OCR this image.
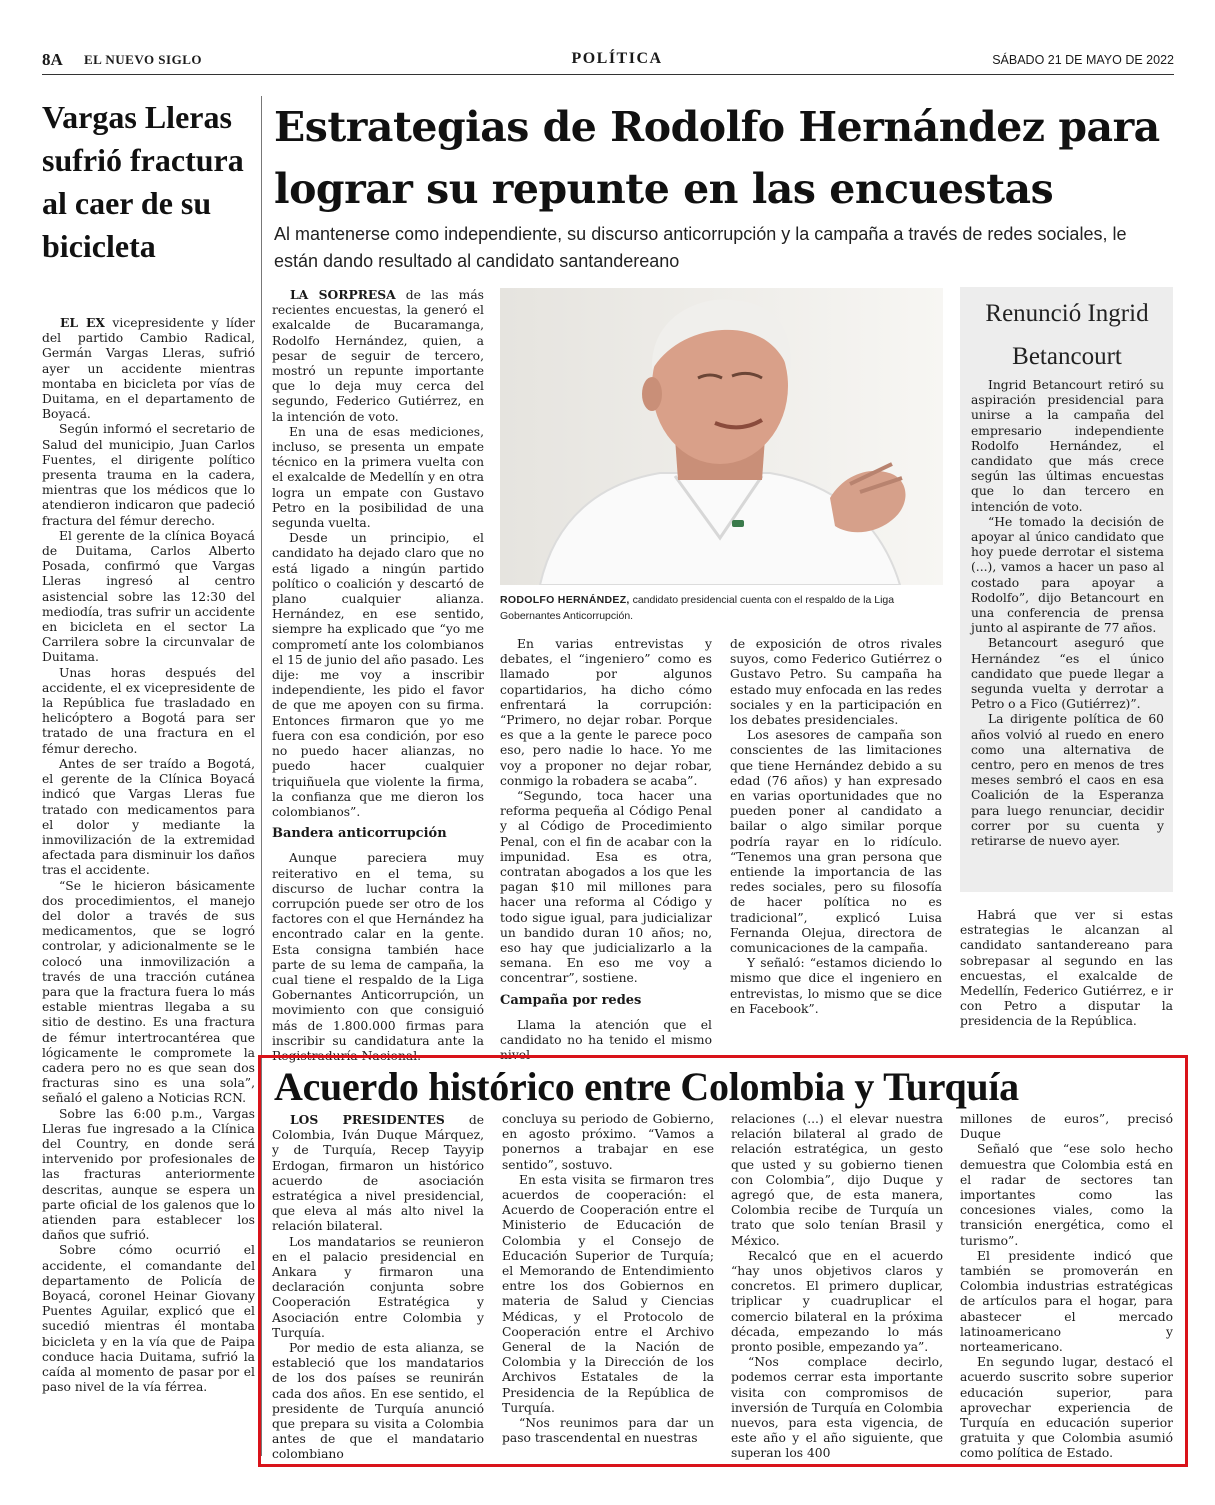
8A EL NUEVO SIGLO	POLÍTICA	SÁBADO 21 DE MAYO DE 2022
Vargas Lleras sufrió fractura al caer de su bicicleta

EL EX vicepresidente y líder del partido Cambio Radical, Germán Vargas Lleras, sufrió ayer un accidente mientras montaba en bicicleta por vías de Duitama, en el departamento de Boyacá.

Según informó el secretario de Salud del municipio, Juan Carlos Fuentes, el dirigente político presenta trauma en la cadera, mientras que los médicos que lo atendieron indicaron que padeció fractura del fémur derecho.

El gerente de la clínica Boyacá de Duitama, Carlos Alberto Posada, confirmó que Vargas Lleras ingresó al centro asistencial sobre las 12:30 del mediodía, tras sufrir un accidente en bicicleta en el sector La Carrilera sobre la circunvalar de Duitama.

Unas horas después del accidente, el ex vicepresidente de la República fue trasladado en helicóptero a Bogotá para ser tratado de una fractura en el fémur derecho.

Antes de ser traído a Bogotá, el gerente de la Clínica Boyacá indicó que Vargas Lleras fue tratado con medicamentos para el dolor y mediante la inmovilización de la extremidad afectada para disminuir los daños tras el accidente.

“Se le hicieron básicamente dos procedimientos, el manejo del dolor a través de sus medicamentos, que se logró controlar, y adicionalmente se le colocó una inmovilización a través de una tracción cutánea para que la fractura fuera lo más estable mientras llegaba a su sitio de destino. Es una fractura de fémur intertrocantérea que lógicamente le compromete la cadera pero no es que sean dos fracturas sino es una sola”, señaló el galeno a Noticias RCN.

Sobre las 6:00 p.m., Vargas Lleras fue ingresado a la Clínica del Country, en donde será intervenido por profesionales de las fracturas anteriormente descritas, aunque se espera un parte oficial de los galenos que lo atienden para establecer los daños que sufrió.

Sobre cómo ocurrió el accidente, el comandante del departamento de Policía de Boyacá, coronel Heinar Giovany Puentes Aguilar, explicó que el sucedió mientras él montaba bicicleta y en la vía que de Paipa conduce hacia Duitama, sufrió la caída al momento de pasar por el paso nivel de la vía férrea.

Estrategias de Rodolfo Hernández para lograr su repunte en las encuestas
Al mantenerse como independiente, su discurso anticorrupción y la campaña a través de redes sociales, le están dando resultado al candidato santandereano

LA SORPRESA de las más recientes encuestas, la generó el exalcalde de Bucaramanga, Rodolfo Hernández, quien, a pesar de seguir de tercero, mostró un repunte importante que lo deja muy cerca del segundo, Federico Gutiérrez, en la intención de voto.

En una de esas mediciones, incluso, se presenta un empate técnico en la primera vuelta con el exalcalde de Medellín y en otra logra un empate con Gustavo Petro en la posibilidad de una segunda vuelta.

Desde un principio, el candidato ha dejado claro que no está ligado a ningún partido político o coalición y descartó de plano cualquier alianza. Hernández, en ese sentido, siempre ha explicado que “yo me comprometí ante los colombianos el 15 de junio del año pasado. Les dije: me voy a inscribir independiente, les pido el favor de que me apoyen con su firma. Entonces firmaron que yo me fuera con esa condición, por eso no puedo hacer alianzas, no puedo hacer cualquier triquiñuela que violente la firma, la confianza que me dieron los colombianos”.

Bandera anticorrupción

Aunque pareciera muy reiterativo en el tema, su discurso de luchar contra la corrupción puede ser otro de los factores con el que Hernández ha encontrado calar en la gente. Esta consigna también hace parte de su lema de campaña, la cual tiene el respaldo de la Liga Gobernantes Anticorrupción, un movimiento con que consiguió más de 1.800.000 firmas para inscribir su candidatura ante la Registraduría Nacional.

RODOLFO HERNÁNDEZ, candidato presidencial cuenta con el respaldo de la Liga Gobernantes Anticorrupción.

En varias entrevistas y debates, el “ingeniero” como es llamado por algunos copartidarios, ha dicho cómo enfrentará la corrupción: “Primero, no dejar robar. Porque es que a la gente le parece poco eso, pero nadie lo hace. Yo me voy a proponer no dejar robar, conmigo la robadera se acaba”.

“Segundo, toca hacer una reforma pequeña al Código Penal y al Código de Procedimiento Penal, con el fin de acabar con la impunidad. Esa es otra, contratan abogados a los que les pagan $10 mil millones para hacer una reforma al Código y todo sigue igual, para judicializar un bandido duran 10 años; no, eso hay que judicializarlo a la semana. En eso me voy a concentrar”, sostiene.

Campaña por redes

Llama la atención que el candidato no ha tenido el mismo nivel

de exposición de otros rivales suyos, como Federico Gutiérrez o Gustavo Petro. Su campaña ha estado muy enfocada en las redes sociales y en la participación en los debates presidenciales.

Los asesores de campaña son conscientes de las limitaciones que tiene Hernández debido a su edad (76 años) y han expresado en varias oportunidades que no pueden poner al candidato a bailar o algo similar porque podría rayar en lo ridículo. “Tenemos una gran persona que entiende la importancia de las redes sociales, pero su filosofía de hacer política no es tradicional”, explicó Luisa Fernanda Olejua, directora de comunicaciones de la campaña.

Y señaló: “estamos diciendo lo mismo que dice el ingeniero en entrevistas, lo mismo que se dice en Facebook”.

Renunció Ingrid Betancourt

Ingrid Betancourt retiró su aspiración presidencial para unirse a la campaña del empresario independiente Rodolfo Hernández, el candidato que más crece según las últimas encuestas que lo dan tercero en intención de voto.

“He tomado la decisión de apoyar al único candidato que hoy puede derrotar el sistema (...), vamos a hacer un paso al costado para apoyar a Rodolfo”, dijo Betancourt en una conferencia de prensa junto al aspirante de 77 años.

Betancourt aseguró que Hernández “es el único candidato que puede llegar a segunda vuelta y derrotar a Petro o a Fico (Gutiérrez)”.

La dirigente política de 60 años volvió al ruedo en enero como una alternativa de centro, pero en menos de tres meses sembró el caos en esa Coalición de la Esperanza para luego renunciar, decidir correr por su cuenta y retirarse de nuevo ayer.

Habrá que ver si estas estrategias le alcanzan al candidato santandereano para sobrepasar al segundo en las encuestas, el exalcalde de Medellín, Federico Gutiérrez, e ir con Petro a disputar la presidencia de la República.

Acuerdo histórico entre Colombia y Turquía

LOS PRESIDENTES de Colombia, Iván Duque Márquez, y de Turquía, Recep Tayyip Erdogan, firmaron un histórico acuerdo de asociación estratégica a nivel presidencial, que eleva al más alto nivel la relación bilateral.

Los mandatarios se reunieron en el palacio presidencial en Ankara y firmaron una declaración conjunta sobre Cooperación Estratégica y Asociación entre Colombia y Turquía.

Por medio de esta alianza, se estableció que los mandatarios de los dos países se reunirán cada dos años. En ese sentido, el presidente de Turquía anunció que prepara su visita a Colombia antes de que el mandatario colombiano

concluya su periodo de Gobierno, en agosto próximo. “Vamos a ponernos a trabajar en ese sentido”, sostuvo.

En esta visita se firmaron tres acuerdos de cooperación: el Acuerdo de Cooperación entre el Ministerio de Educación de Colombia y el Consejo de Educación Superior de Turquía; el Memorando de Entendimiento entre los dos Gobiernos en materia de Salud y Ciencias Médicas, y el Protocolo de Cooperación entre el Archivo General de la Nación de Colombia y la Dirección de los Archivos Estatales de la Presidencia de la República de Turquía.

“Nos reunimos para dar un paso trascendental en nuestras

relaciones (...) el elevar nuestra relación bilateral al grado de relación estratégica, un gesto que usted y su gobierno tienen con Colombia”, dijo Duque y agregó que, de esta manera, Colombia recibe de Turquía un trato que solo tenían Brasil y México.

Recalcó que en el acuerdo “hay unos objetivos claros y concretos. El primero duplicar, triplicar y cuadruplicar el comercio bilateral en la próxima década, empezando lo más pronto posible, empezando ya”.

“Nos complace decirlo, podemos cerrar esta importante visita con compromisos de inversión de Turquía en Colombia nuevos, para esta vigencia, de este año y el año siguiente, que superan los 400

millones de euros”, precisó Duque

Señaló que “ese solo hecho demuestra que Colombia está en el radar de sectores tan importantes como las concesiones viales, como la transición energética, como el turismo”.

El presidente indicó que también se promoverán en Colombia industrias estratégicas de artículos para el hogar, para abastecer el mercado latinoamericano y norteamericano.

En segundo lugar, destacó el acuerdo suscrito sobre superior educación superior, para aprovechar experiencia de Turquía en educación superior gratuita y que Colombia asumió como política de Estado.
